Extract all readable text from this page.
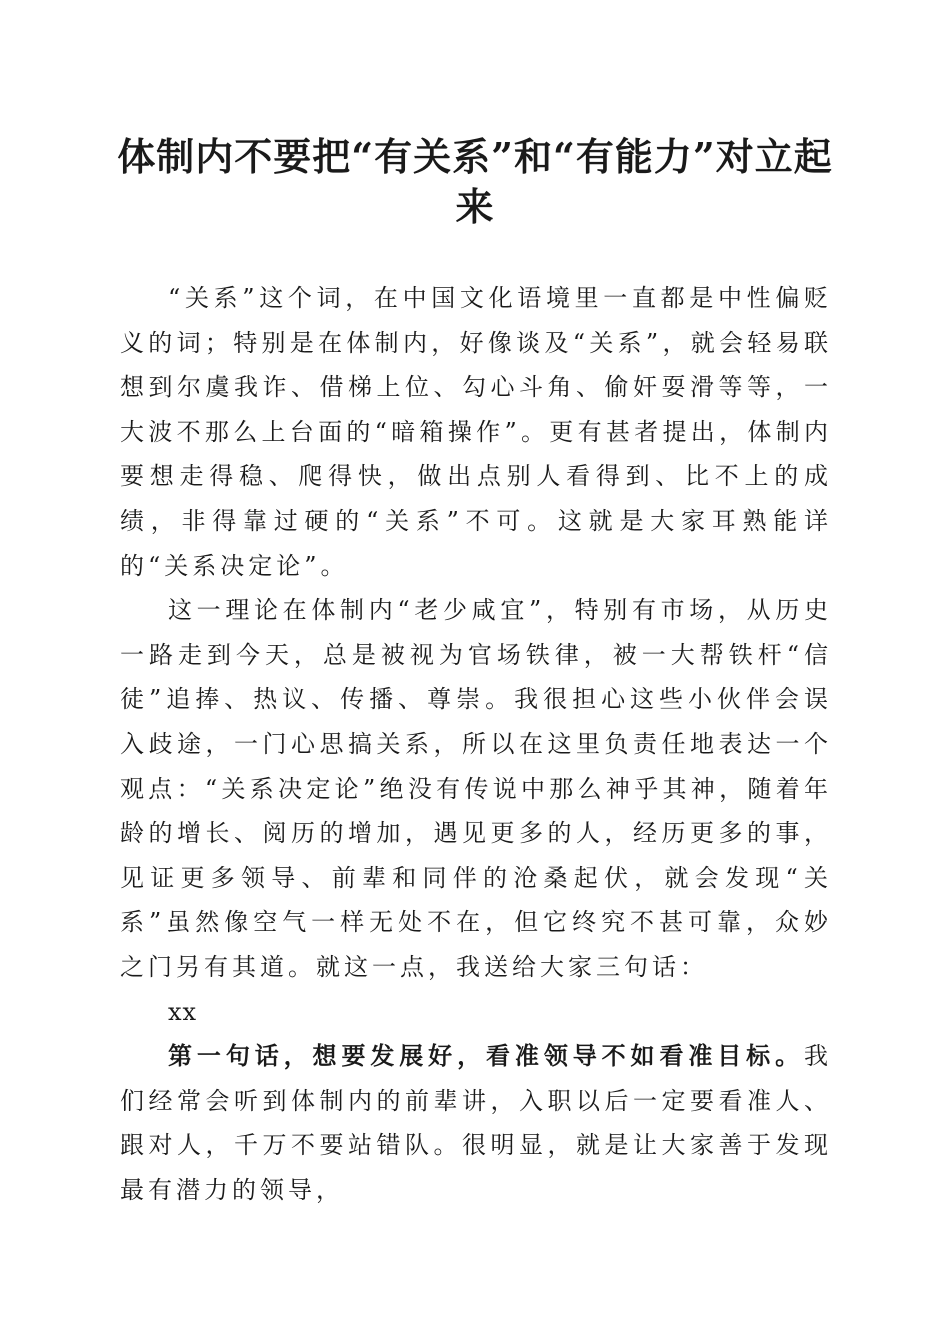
体制内不要把“有关系”和“有能力”对立起来

“关系”这个词，在中国文化语境里一直都是中性偏贬义的词；特别是在体制内，好像谈及“关系”，就会轻易联想到尔虞我诈、借梯上位、勾心斗角、偷奸耍滑等等，一大波不那么上台面的“暗箱操作”。更有甚者提出，体制内要想走得稳、爬得快，做出点别人看得到、比不上的成绩，非得靠过硬的“关系”不可。这就是大家耳熟能详的“关系决定论”。

这一理论在体制内“老少咸宜”，特别有市场，从历史一路走到今天，总是被视为官场铁律，被一大帮铁杆“信徒”追捧、热议、传播、尊崇。我很担心这些小伙伴会误入歧途，一门心思搞关系，所以在这里负责任地表达一个观点：“关系决定论”绝没有传说中那么神乎其神，随着年龄的增长、阅历的增加，遇见更多的人，经历更多的事，见证更多领导、前辈和同伴的沧桑起伏，就会发现“关系”虽然像空气一样无处不在，但它终究不甚可靠，众妙之门另有其道。就这一点，我送给大家三句话：

xx

第一句话，想要发展好，看准领导不如看准目标。我们经常会听到体制内的前辈讲，入职以后一定要看准人、跟对人，千万不要站错队。很明显，就是让大家善于发现最有潜力的领导，
